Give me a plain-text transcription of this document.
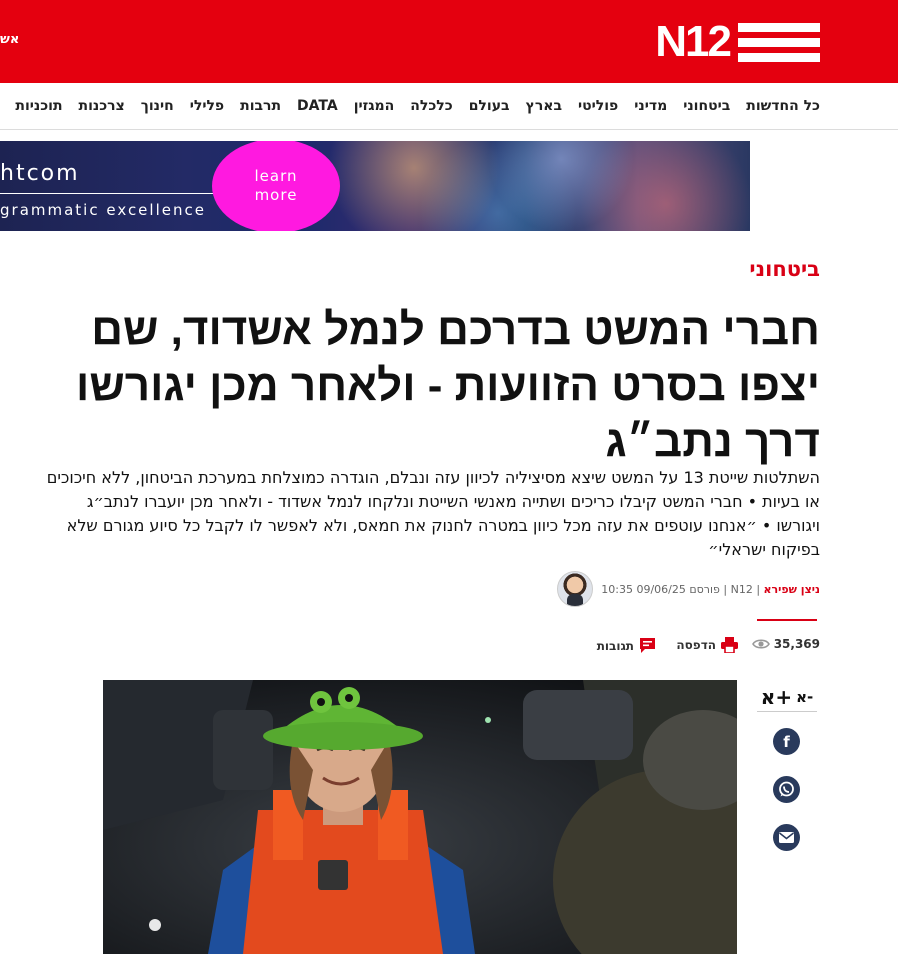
אש	N12
כל החדשות
ביטחוני
מדיני
פוליטי
בארץ
בעולם
כלכלה
המגזין
DATA
תרבות
פלילי
חינוך
צרכנות
תוכניות
htcom
grammatic excellence
learn
more
ביטחוני
חברי המשט בדרכם לנמל אשדוד, שם יצפו בסרט הזוועות - ולאחר מכן יגורשו דרך נתב״ג

השתלטות שייטת 13 על המשט שיצא מסיציליה לכיוון עזה ונבלם, הוגדרה כמוצלחת במערכת הביטחון, ללא חיכוכים או בעיות • חברי המשט קיבלו כריכים ושתייה מאנשי השייטת ונלקחו לנמל אשדוד - ולאחר מכן יועברו לנתב״ג ויגורשו • ״אנחנו עוטפים את עזה מכל כיוון במטרה לחנוק את חמאס, ולא לאפשר לו לקבל כל סיוע מגורם שלא בפיקוח ישראלי״

ניצן שפירא | N12 | פורסם 09/06/25 10:35
35,369
הדפסה
תגובות
א+ א-
f
